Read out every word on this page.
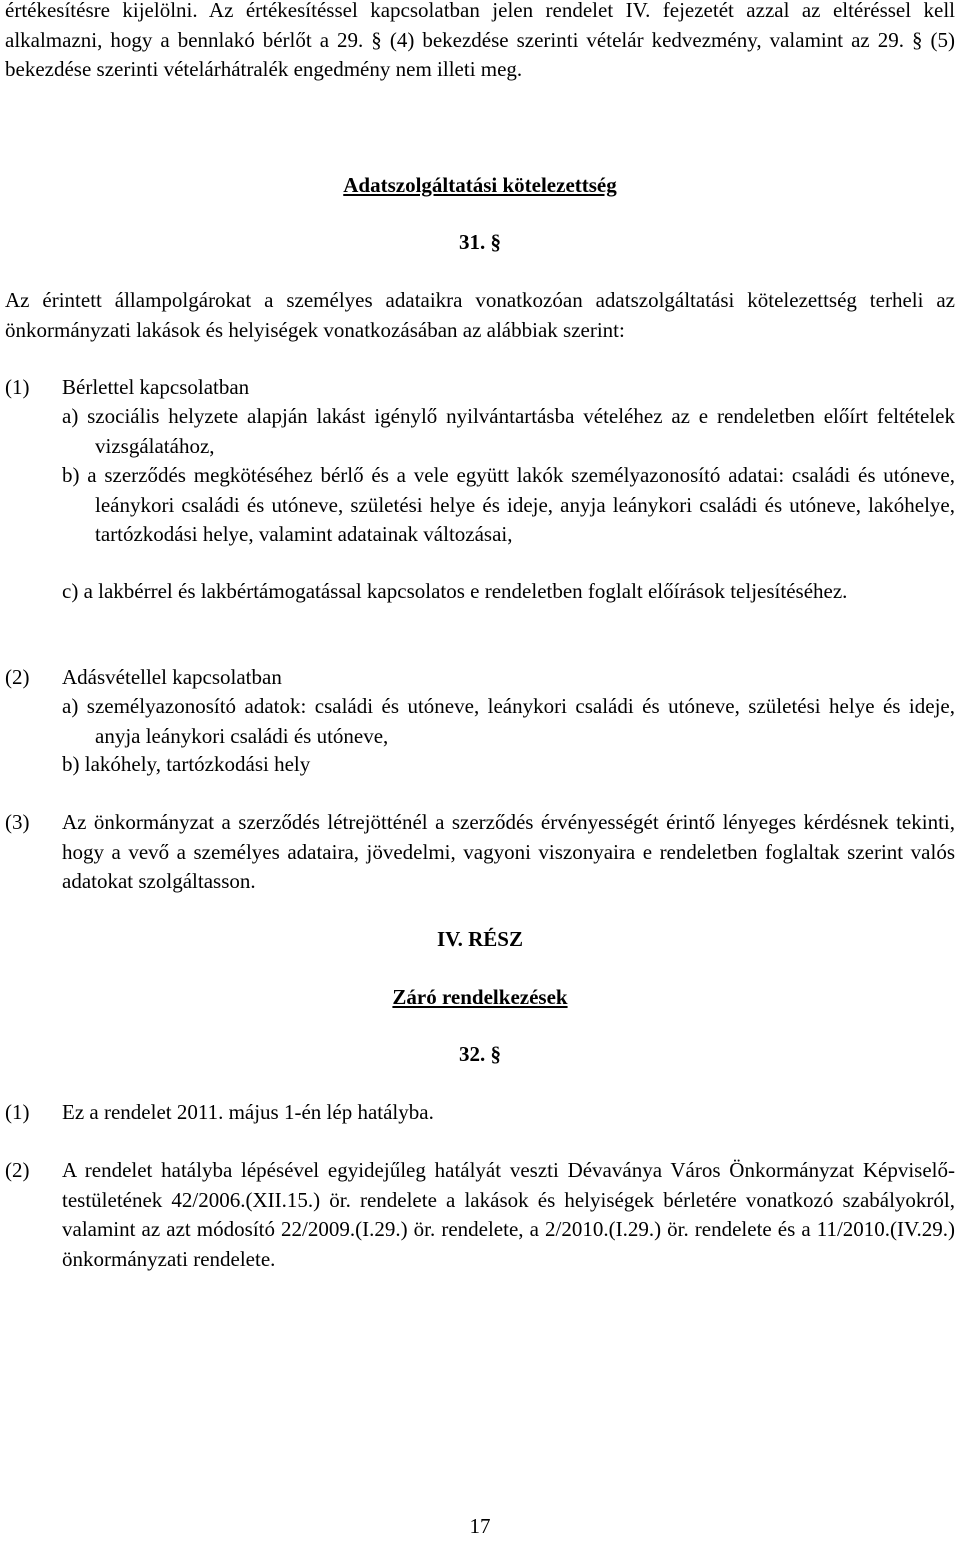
értékesítésre kijelölni. Az értékesítéssel kapcsolatban jelen rendelet IV. fejezetét azzal az eltéréssel kell alkalmazni, hogy a bennlakó bérlőt a 29. § (4) bekezdése szerinti vételár kedvezmény, valamint az 29. § (5) bekezdése szerinti vételárhátralék engedmény nem illeti meg.

Adatszolgáltatási kötelezettség

31. §

Az érintett állampolgárokat a személyes adataikra vonatkozóan adatszolgáltatási kötelezettség terheli az önkormányzati lakások és helyiségek vonatkozásában az alábbiak szerint:

(1) Bérlettel kapcsolatban

a) szociális helyzete alapján lakást igénylő nyilvántartásba vételéhez az e rendeletben előírt feltételek vizsgálatához,

b) a szerződés megkötéséhez bérlő és a vele együtt lakók személyazonosító adatai: családi és utóneve, leánykori családi és utóneve, születési helye és ideje, anyja leánykori családi és utóneve, lakóhelye, tartózkodási helye, valamint adatainak változásai,

c) a lakbérrel és lakbértámogatással kapcsolatos e rendeletben foglalt előírások teljesítéséhez.

(2) Adásvétellel kapcsolatban

a) személyazonosító adatok: családi és utóneve, leánykori családi és utóneve, születési helye és ideje, anyja leánykori családi és utóneve,

b) lakóhely, tartózkodási hely

(3) Az önkormányzat a szerződés létrejötténél a szerződés érvényességét érintő lényeges kérdésnek tekinti, hogy a vevő a személyes adataira, jövedelmi, vagyoni viszonyaira e rendeletben foglaltak szerint valós adatokat szolgáltasson.

IV. RÉSZ

Záró rendelkezések

32. §

(1) Ez a rendelet 2011. május 1-én lép hatályba.

(2) A rendelet hatályba lépésével egyidejűleg hatályát veszti Dévaványa Város Önkormányzat Képviselő-testületének 42/2006.(XII.15.) ör. rendelete a lakások és helyiségek bérletére vonatkozó szabályokról, valamint az azt módosító 22/2009.(I.29.) ör. rendelete, a 2/2010.(I.29.) ör. rendelete és a 11/2010.(IV.29.) önkormányzati rendelete.

17
